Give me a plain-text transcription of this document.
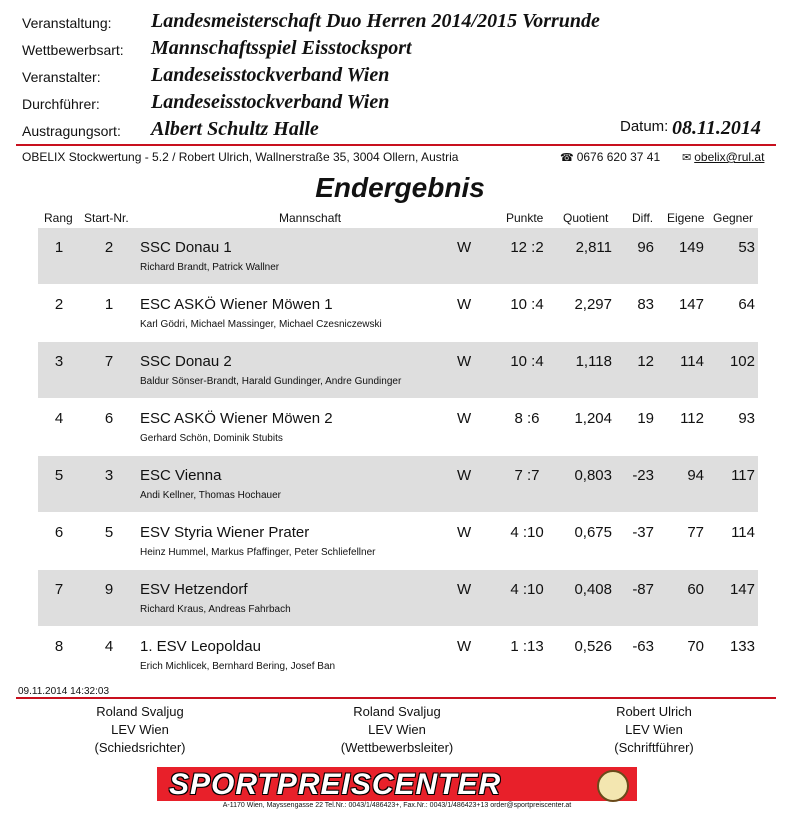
Veranstaltung: Landesmeisterschaft Duo Herren 2014/2015 Vorrunde
Wettbewerbsart: Mannschaftsspiel Eisstocksport
Veranstalter:	Landeseisstockverband Wien
Durchführer:	Landeseisstockverband Wien
Austragungsort: Albert Schultz Halle	Datum: 08.11.2014
OBELIX Stockwertung - 5.2 / Robert Ulrich, Wallnerstraße 35, 3004 Ollern, Austria	☎ 0676 620 37 41 ✉ obelix@rul.at
Endergebnis
Rang Start-Nr.	Mannschaft	Punkte Quotient Diff. Eigene Gegner
1	2 SSC Donau 1
Richard Brandt, Patrick Wallner
W	12 :2	2,811	96	149	53
2	1 ESC ASKÖ Wiener Möwen 1
Karl Gödri, Michael Massinger, Michael Czesniczewski
W	10 :4	2,297	83	147	64
3	7 SSC Donau 2
Baldur Sönser-Brandt, Harald Gundinger, Andre Gundinger
W	10 :4	1,118	12	114	102
4	6 ESC ASKÖ Wiener Möwen 2
Gerhard Schön, Dominik Stubits
W	8 :6	1,204	19	112	93
5	3 ESC Vienna
Andi Kellner, Thomas Hochauer
W	7 :7	0,803	-23	94	117
6	5 ESV Styria Wiener Prater
Heinz Hummel, Markus Pfaffinger, Peter Schliefellner
W	4 :10	0,675	-37	77	114
7	9 ESV Hetzendorf
Richard Kraus, Andreas Fahrbach
W	4 :10	0,408	-87	60	147
8	4 1. ESV Leopoldau
Erich Michlicek, Bernhard Bering, Josef Ban
W	1 :13	0,526	-63	70	133
09.11.2014 14:32:03
Roland Svaljug
LEV Wien
(Schiedsrichter)
Roland Svaljug
LEV Wien
(Wettbewerbsleiter)
Robert Ulrich
LEV Wien
(Schriftführer)
SPORTPREISCENTER
A-1170 Wien, Mayssengasse 22 Tel.Nr.: 0043/1/486423+, Fax.Nr.: 0043/1/486423+13 order@sportpreiscenter.at
